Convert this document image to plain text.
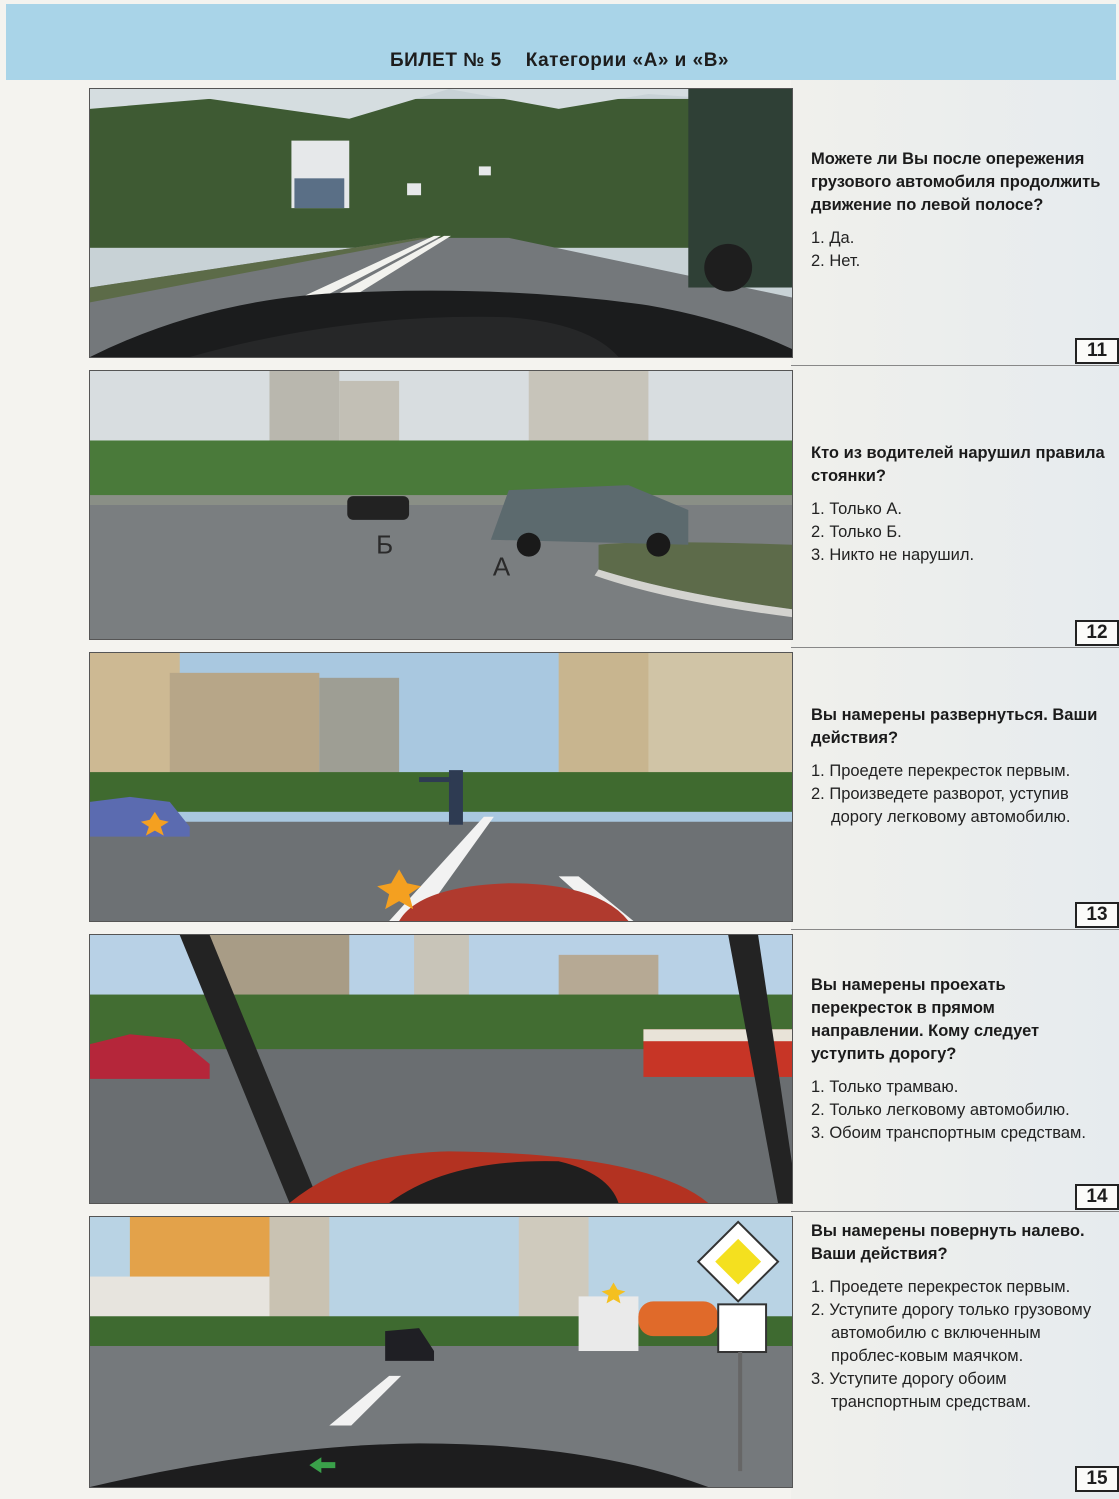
БИЛЕТ № 5 Категории «А» и «В»
Можете ли Вы после опережения грузового автомобиля продолжить движение по левой полосе?
1. Да.
2. Нет.
11
Б
А
Кто из водителей нарушил правила стоянки?
1. Только А.
2. Только Б.
3. Никто не нарушил.
12
Вы намерены развернуться. Ваши действия?
1. Проедете перекресток первым.
2. Произведете разворот, уступив дорогу легковому автомобилю.
13
Вы намерены проехать перекресток в прямом направлении. Кому следует уступить дорогу?
1. Только трамваю.
2. Только легковому автомобилю.
3. Обоим транспортным средствам.
14
Вы намерены повернуть налево. Ваши действия?
1. Проедете перекресток первым.
2. Уступите дорогу только грузовому автомобилю с включенным проблес-ковым маячком.
3. Уступите дорогу обоим транспортным средствам.
15
